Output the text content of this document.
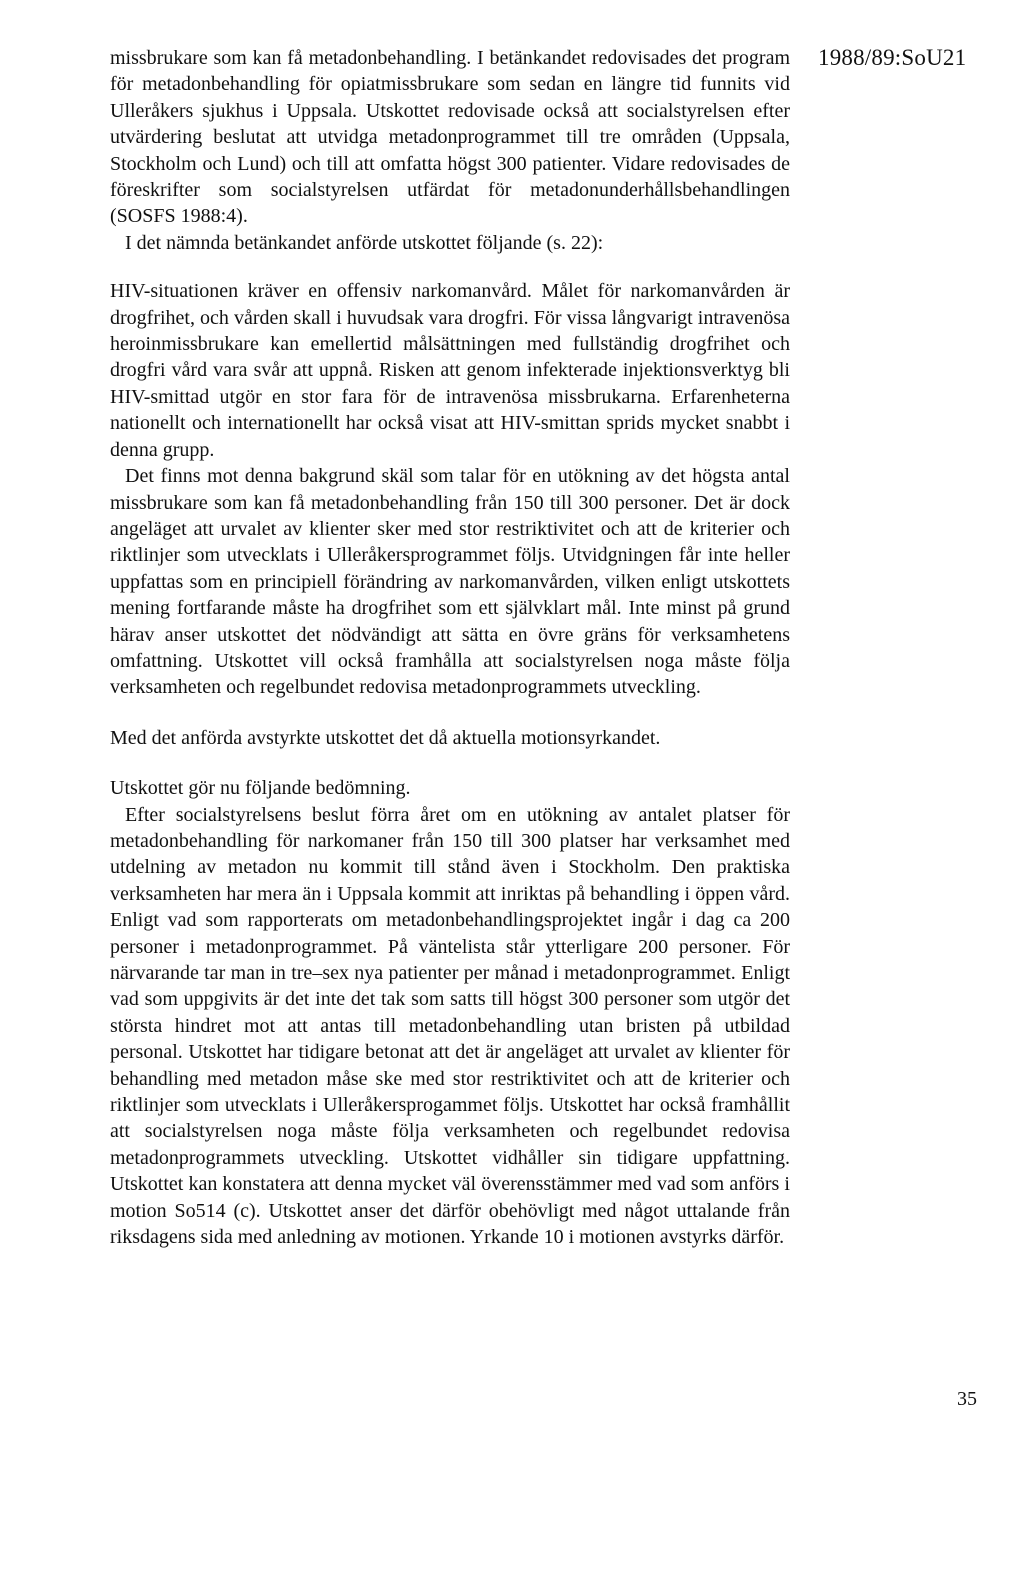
1988/89:SoU21

missbrukare som kan få metadonbehandling. I betänkandet redovisades det program för metadonbehandling för opiatmissbrukare som sedan en längre tid funnits vid Ulleråkers sjukhus i Uppsala. Utskottet redovisade också att socialstyrelsen efter utvärdering beslutat att utvidga metadonprogrammet till tre områden (Uppsala, Stockholm och Lund) och till att omfatta högst 300 patienter. Vidare redovisades de föreskrifter som socialstyrelsen utfärdat för metadonunderhållsbehandlingen (SOSFS 1988:4).

I det nämnda betänkandet anförde utskottet följande (s. 22):

HIV-situationen kräver en offensiv narkomanvård. Målet för narkomanvården är drogfrihet, och vården skall i huvudsak vara drogfri. För vissa långvarigt intravenösa heroinmissbrukare kan emellertid målsättningen med fullständig drogfrihet och drogfri vård vara svår att uppnå. Risken att genom infekterade injektionsverktyg bli HIV-smittad utgör en stor fara för de intravenösa missbrukarna. Erfarenheterna nationellt och internationellt har också visat att HIV-smittan sprids mycket snabbt i denna grupp.

Det finns mot denna bakgrund skäl som talar för en utökning av det högsta antal missbrukare som kan få metadonbehandling från 150 till 300 personer. Det är dock angeläget att urvalet av klienter sker med stor restriktivitet och att de kriterier och riktlinjer som utvecklats i Ulleråkersprogrammet följs. Utvidgningen får inte heller uppfattas som en principiell förändring av narkomanvården, vilken enligt utskottets mening fortfarande måste ha drogfrihet som ett självklart mål. Inte minst på grund härav anser utskottet det nödvändigt att sätta en övre gräns för verksamhetens omfattning. Utskottet vill också framhålla att socialstyrelsen noga måste följa verksamheten och regelbundet redovisa metadonprogrammets utveckling.

Med det anförda avstyrkte utskottet det då aktuella motionsyrkandet.

Utskottet gör nu följande bedömning.

Efter socialstyrelsens beslut förra året om en utökning av antalet platser för metadonbehandling för narkomaner från 150 till 300 platser har verksamhet med utdelning av metadon nu kommit till stånd även i Stockholm. Den praktiska verksamheten har mera än i Uppsala kommit att inriktas på behandling i öppen vård. Enligt vad som rapporterats om metadonbehandlingsprojektet ingår i dag ca 200 personer i metadonprogrammet. På väntelista står ytterligare 200 personer. För närvarande tar man in tre–sex nya patienter per månad i metadonprogrammet. Enligt vad som uppgivits är det inte det tak som satts till högst 300 personer som utgör det största hindret mot att antas till metadonbehandling utan bristen på utbildad personal. Utskottet har tidigare betonat att det är angeläget att urvalet av klienter för behandling med metadon måse ske med stor restriktivitet och att de kriterier och riktlinjer som utvecklats i Ulleråkersprogammet följs. Utskottet har också framhållit att socialstyrelsen noga måste följa verksamheten och regelbundet redovisa metadonprogrammets utveckling. Utskottet vidhåller sin tidigare uppfattning. Utskottet kan konstatera att denna mycket väl överensstämmer med vad som anförs i motion So514 (c). Utskottet anser det därför obehövligt med något uttalande från riksdagens sida med anledning av motionen. Yrkande 10 i motionen avstyrks därför.

35
